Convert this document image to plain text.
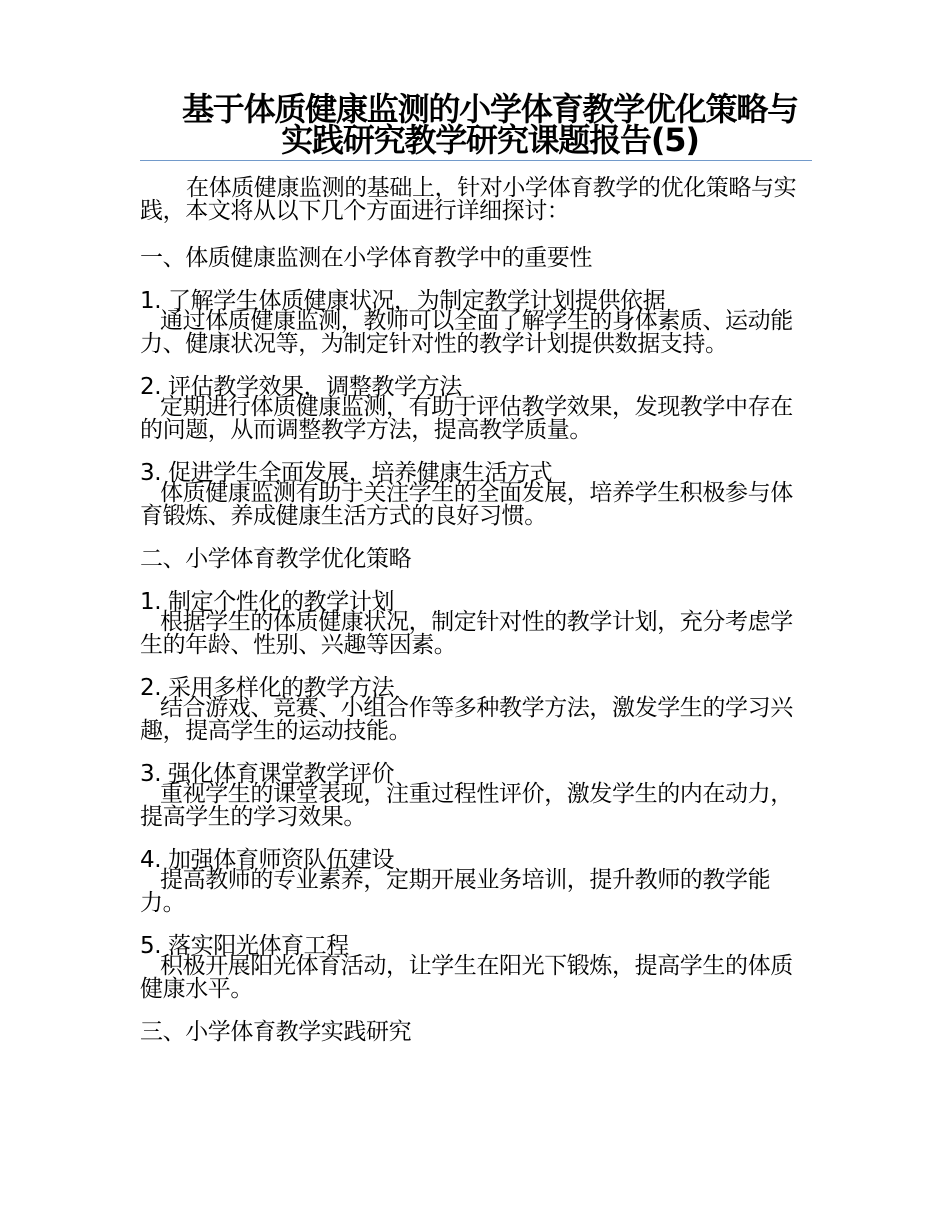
基于体质健康监测的小学体育教学优化策略与实践研究教学研究课题报告(5)

在体质健康监测的基础上，针对小学体育教学的优化策略与实践，本文将从以下几个方面进行详细探讨：

一、体质健康监测在小学体育教学中的重要性

1. 了解学生体质健康状况，为制定教学计划提供依据

通过体质健康监测，教师可以全面了解学生的身体素质、运动能力、健康状况等，为制定针对性的教学计划提供数据支持。

2. 评估教学效果，调整教学方法

定期进行体质健康监测，有助于评估教学效果，发现教学中存在的问题，从而调整教学方法，提高教学质量。

3. 促进学生全面发展，培养健康生活方式

体质健康监测有助于关注学生的全面发展，培养学生积极参与体育锻炼、养成健康生活方式的良好习惯。

二、小学体育教学优化策略

1. 制定个性化的教学计划

根据学生的体质健康状况，制定针对性的教学计划，充分考虑学生的年龄、性别、兴趣等因素。

2. 采用多样化的教学方法

结合游戏、竞赛、小组合作等多种教学方法，激发学生的学习兴趣，提高学生的运动技能。

3. 强化体育课堂教学评价

重视学生的课堂表现，注重过程性评价，激发学生的内在动力，提高学生的学习效果。

4. 加强体育师资队伍建设

提高教师的专业素养，定期开展业务培训，提升教师的教学能力。

5. 落实阳光体育工程

积极开展阳光体育活动，让学生在阳光下锻炼，提高学生的体质健康水平。

三、小学体育教学实践研究
